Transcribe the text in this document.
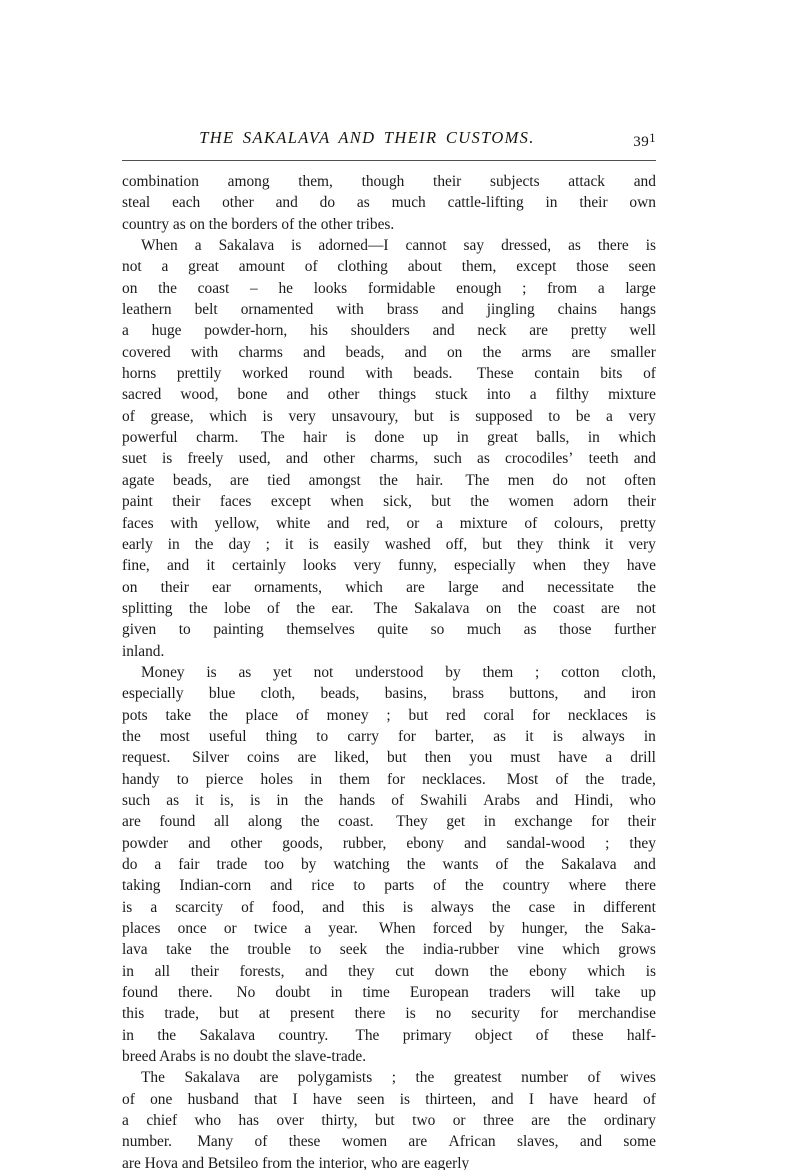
THE SAKALAVA AND THEIR CUSTOMS.	391

combination among them, though their subjects attack and
steal each other and do as much cattle-lifting in their own
country as on the borders of the other tribes.

When a Sakalava is adorned—I cannot say dressed, as there is
not a great amount of clothing about them, except those seen
on the coast – he looks formidable enough ; from a large
leathern belt ornamented with brass and jingling chains hangs
a huge powder-horn, his shoulders and neck are pretty well
covered with charms and beads, and on the arms are smaller
horns prettily worked round with beads. These contain bits of
sacred wood, bone and other things stuck into a filthy mixture
of grease, which is very unsavoury, but is supposed to be a very
powerful charm. The hair is done up in great balls, in which
suet is freely used, and other charms, such as crocodiles’ teeth and
agate beads, are tied amongst the hair. The men do not often
paint their faces except when sick, but the women adorn their
faces with yellow, white and red, or a mixture of colours, pretty
early in the day ; it is easily washed off, but they think it very
fine, and it certainly looks very funny, especially when they have
on their ear ornaments, which are large and necessitate the
splitting the lobe of the ear. The Sakalava on the coast are not
given to painting themselves quite so much as those further
inland.

Money is as yet not understood by them ; cotton cloth,
especially blue cloth, beads, basins, brass buttons, and iron
pots take the place of money ; but red coral for necklaces is
the most useful thing to carry for barter, as it is always in
request. Silver coins are liked, but then you must have a drill
handy to pierce holes in them for necklaces. Most of the trade,
such as it is, is in the hands of Swahili Arabs and Hindi, who
are found all along the coast. They get in exchange for their
powder and other goods, rubber, ebony and sandal-wood ; they
do a fair trade too by watching the wants of the Sakalava and
taking Indian-corn and rice to parts of the country where there
is a scarcity of food, and this is always the case in different
places once or twice a year. When forced by hunger, the Saka-
lava take the trouble to seek the india-rubber vine which grows
in all their forests, and they cut down the ebony which is
found there. No doubt in time European traders will take up
this trade, but at present there is no security for merchandise
in the Sakalava country. The primary object of these half-
breed Arabs is no doubt the slave-trade.

The Sakalava are polygamists ; the greatest number of wives
of one husband that I have seen is thirteen, and I have heard of
a chief who has over thirty, but two or three are the ordinary
number. Many of these women are African slaves, and some
are Hova and Betsileo from the interior, who are eagerly
